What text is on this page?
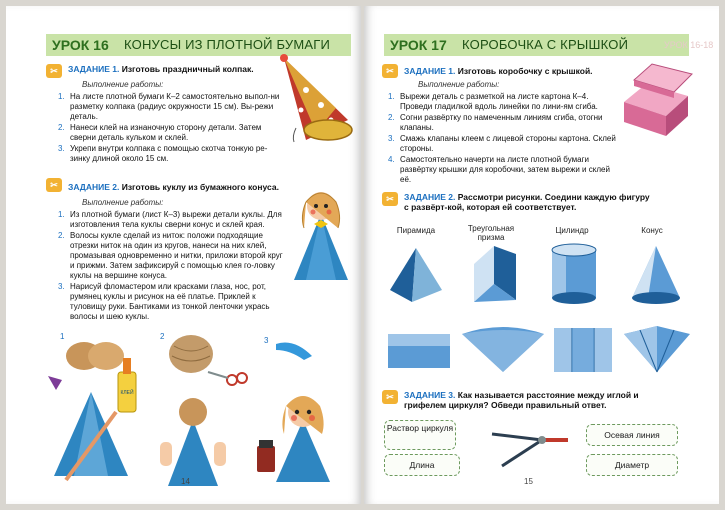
УРОК 16 КОНУСЫ ИЗ ПЛОТНОЙ БУМАГИ
✂	ЗАДАНИЕ 1. Изготовь праздничный колпак.
Выполнение работы:
1. На листе плотной бумаги К–2 самостоятельно выпол-ни разметку колпака (радиус окружности 15 см). Вы-режи деталь.
2. Нанеси клей на изнаночную сторону детали. Затем сверни деталь кульком и склей.
3. Укрепи внутри колпака с помощью скотча тонкую ре-зинку длиной около 15 см.
✂	ЗАДАНИЕ 2. Изготовь куклу из бумажного конуса.
Выполнение работы:
1. Из плотной бумаги (лист К–3) вырежи детали куклы. Для изготовления тела куклы сверни конус и склей края.
2. Волосы кукле сделай из ниток: положи подходящие отрезки ниток на один из кругов, нанеси на них клей, промазывая одновременно и нитки, приложи второй круг и прижми. Затем зафиксируй с помощью клея го-ловку куклы на вершине конуса.
3. Нарисуй фломастером или красками глаза, нос, рот, румянец куклы и рисунок на её платье. Приклей к туловищу руки. Бантиками из тонкой ленточки укрась волосы и шею куклы.
1	2	3
КЛЕЙ
14
УРОК 17 КОРОБОЧКА С КРЫШКОЙ	УРОК 16-18
✂	ЗАДАНИЕ 1. Изготовь коробочку с крышкой.
Выполнение работы:
1. Вырежи деталь с разметкой на листе картона К–4. Проведи гладилкой вдоль линейки по лини-ям сгиба.
2. Согни развёртку по намеченным линиям сгиба, отогни клапаны.
3. Смажь клапаны клеем с лицевой стороны картона. Склей стороны.
4. Самостоятельно начерти на листе плотной бумаги развёртку крышки для коробочки, затем вырежи и склей её.
✂	ЗАДАНИЕ 2. Рассмотри рисунки. Соедини каждую фигуру с развёрт-кой, которая ей соответствует.
Пирамида	Треугольная призма
Цилиндр	Конус
✂	ЗАДАНИЕ 3. Как называется расстояние между иглой и грифелем циркуля? Обведи правильный ответ.
Раствор циркуля
Осевая линия
Длина	Диаметр
15
